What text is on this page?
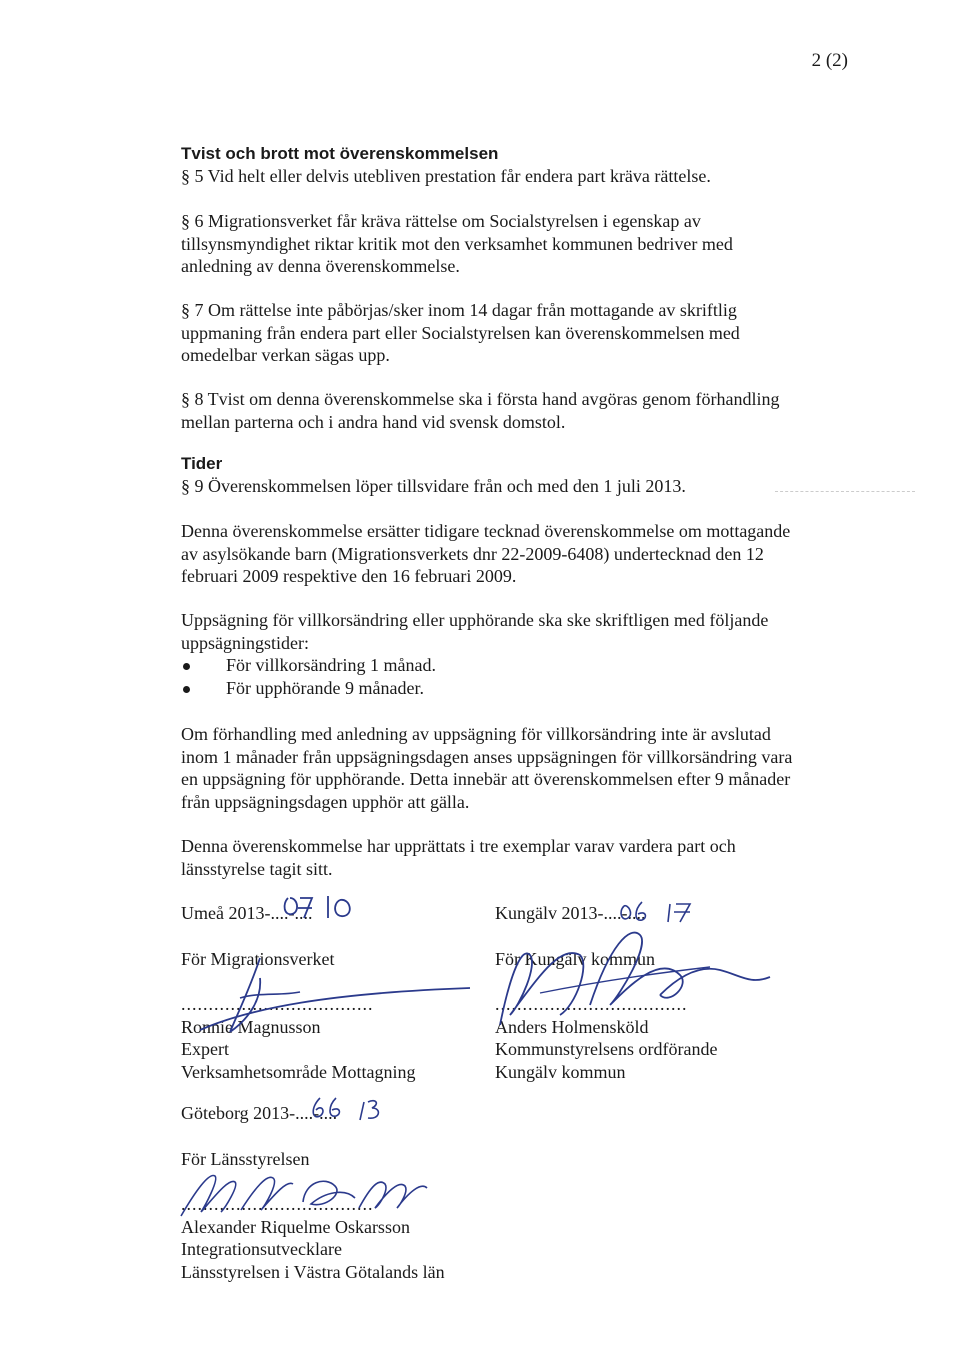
2 (2)
Tvist och brott mot överenskommelsen
§ 5 Vid helt eller delvis utebliven prestation får endera part kräva rättelse.
§ 6 Migrationsverket får kräva rättelse om Socialstyrelsen i egenskap av tillsynsmyndighet riktar kritik mot den verksamhet kommunen bedriver med anledning av denna överenskommelse.
§ 7 Om rättelse inte påbörjas/sker inom 14 dagar från mottagande av skriftlig uppmaning från endera part eller Socialstyrelsen kan överenskommelsen med omedelbar verkan sägas upp.
§ 8 Tvist om denna överenskommelse ska i första hand avgöras genom förhandling mellan parterna och i andra hand vid svensk domstol.
Tider
§ 9 Överenskommelsen löper tillsvidare från och med den 1 juli 2013.
Denna överenskommelse ersätter tidigare tecknad överenskommelse om mottagande av asylsökande barn (Migrationsverkets dnr 22-2009-6408) undertecknad den 12 februari 2009 respektive den 16 februari 2009.
Uppsägning för villkorsändring eller upphörande ska ske skriftligen med följande uppsägningstider:
För villkorsändring 1 månad.
För upphörande 9 månader.
Om förhandling med anledning av uppsägning för villkorsändring inte är avslutad inom 1 månader från uppsägningsdagen anses uppsägningen för villkorsändring vara en uppsägning för upphörande. Detta innebär att överenskommelsen efter 9 månader från uppsägningsdagen upphör att gälla.
Denna överenskommelse har upprättats i tre exemplar varav vardera part och länsstyrelse tagit sitt.
Umeå 2013-....-....
För Migrationsverket
...................................
Ronnie Magnusson
Expert
Verksamhetsområde Mottagning
Kungälv 2013-....-....
För Kungälv kommun
...................................
Anders Holmensköld
Kommunstyrelsens ordförande
Kungälv kommun
Göteborg 2013-....-....
För Länsstyrelsen
...................................
Alexander Riquelme Oskarsson
Integrationsutvecklare
Länsstyrelsen i Västra Götalands län
